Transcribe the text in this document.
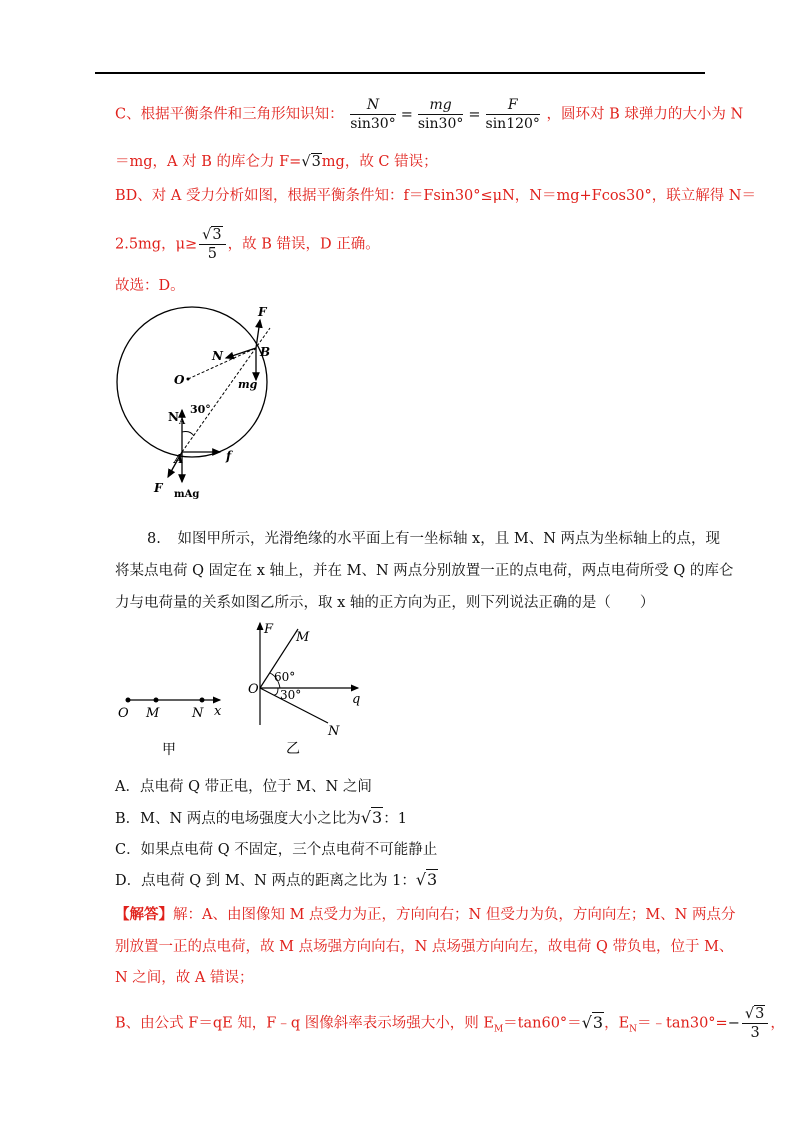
C、根据平衡条件和三角形知识知： $\frac{N}{\sin 30^\circ} = \frac{mg}{\sin 30^\circ} = \frac{F}{\sin 120^\circ}$ ，圆环对 B 球弹力的大小为 N
＝mg，A 对 B 的库仑力 F=√3mg，故 C 错误；
BD、对 A 受力分析如图，根据平衡条件知：f＝Fsin30°≤μN，N＝mg+Fcos30°，联立解得 N＝
2.5mg，$\mu\ge \frac{√3}{5}$ ，故 B 错误，D 正确。
故选：D。
F
B
N
O	mg
$N_A$
30°
A	f
F mAg
8. 如图甲所示，光滑绝缘的水平面上有一坐标轴 x，且 M、N 两点为坐标轴上的点，现
将某点电荷 Q 固定在 x 轴上，并在 M、N 两点分别放置一正的点电荷，两点电荷所受 Q 的库仑
力与电荷量的关系如图乙所示，取 x 轴的正方向为正，则下列说法正确的是（　　）
O M	N x
甲
F
M
60°
O 30°	q
N
乙
A．点电荷 Q 带正电，位于 M、N 之间
B．M、N 两点的电场强度大小之比为√3：1
C．如果点电荷 Q 不固定，三个点电荷不可能静止
D．点电荷 Q 到 M、N 两点的距离之比为 1：√3
【解答】解：A、由图像知 M 点受力为正，方向向右；N 但受力为负，方向向左；M、N 两点分
别放置一正的点电荷，故 M 点场强方向向右，N 点场强方向向左，故电荷 Q 带负电，位于 M、
N 之间，故 A 错误；
B、由公式 F＝qE 知，F﹣q 图像斜率表示场强大小，则 $E_M=\tan 60^\circ=√3$，$E_N=﹣\tan 30^\circ=- \frac{√3}{3}$ ，
